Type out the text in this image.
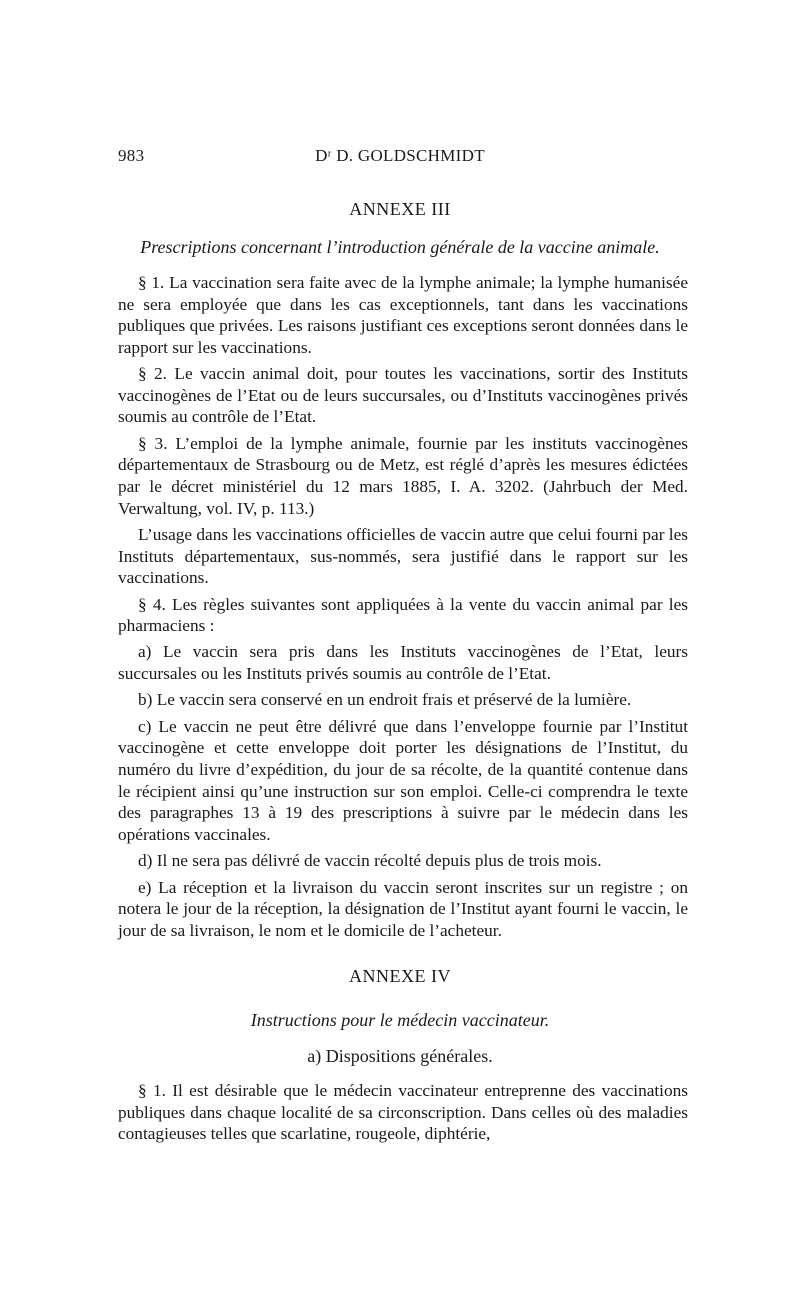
983	Dʳ D. GOLDSCHMIDT
ANNEXE III
Prescriptions concernant l’introduction générale de la vaccine animale.

§ 1. La vaccination sera faite avec de la lymphe animale; la lymphe humanisée ne sera employée que dans les cas exceptionnels, tant dans les vaccinations publiques que privées. Les raisons justifiant ces exceptions seront données dans le rapport sur les vaccinations.

§ 2. Le vaccin animal doit, pour toutes les vaccinations, sortir des Instituts vaccinogènes de l’Etat ou de leurs succursales, ou d’Instituts vaccinogènes privés soumis au contrôle de l’Etat.

§ 3. L’emploi de la lymphe animale, fournie par les instituts vaccinogènes départementaux de Strasbourg ou de Metz, est réglé d’après les mesures édictées par le décret ministériel du 12 mars 1885, I. A. 3202. (Jahrbuch der Med. Verwaltung, vol. IV, p. 113.)

L’usage dans les vaccinations officielles de vaccin autre que celui fourni par les Instituts départementaux, sus-nommés, sera justifié dans le rapport sur les vaccinations.

§ 4. Les règles suivantes sont appliquées à la vente du vaccin animal par les pharmaciens :

a) Le vaccin sera pris dans les Instituts vaccinogènes de l’Etat, leurs succursales ou les Instituts privés soumis au contrôle de l’Etat.

b) Le vaccin sera conservé en un endroit frais et préservé de la lumière.

c) Le vaccin ne peut être délivré que dans l’enveloppe fournie par l’Institut vaccinogène et cette enveloppe doit porter les désignations de l’Institut, du numéro du livre d’expédition, du jour de sa récolte, de la quantité contenue dans le récipient ainsi qu’une instruction sur son emploi. Celle-ci comprendra le texte des paragraphes 13 à 19 des prescriptions à suivre par le médecin dans les opérations vaccinales.

d) Il ne sera pas délivré de vaccin récolté depuis plus de trois mois.

e) La réception et la livraison du vaccin seront inscrites sur un registre ; on notera le jour de la réception, la désignation de l’Institut ayant fourni le vaccin, le jour de sa livraison, le nom et le domicile de l’acheteur.

ANNEXE IV
Instructions pour le médecin vaccinateur.
a) Dispositions générales.

§ 1. Il est désirable que le médecin vaccinateur entreprenne des vaccinations publiques dans chaque localité de sa circonscription. Dans celles où des maladies contagieuses telles que scarlatine, rougeole, diphtérie,
